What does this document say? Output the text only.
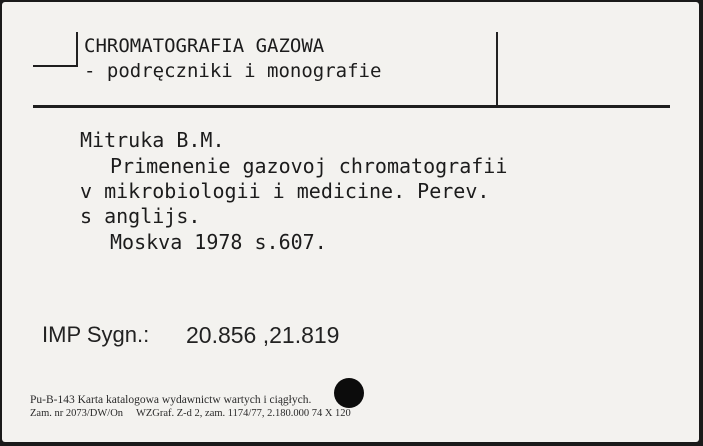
CHROMATOGRAFIA GAZOWA
- podręczniki i monografie
Mitruka B.M.
Primenenie gazovoj chromatografii
v mikrobiologii i medicine. Perev.
s anglijs.
Moskva 1978 s.607.
IMP Sygn.: 20.856 ,21.819
Pu-B-143 Karta katalogowa wydawnictw wartych i ciągłych.
Zam. nr 2073/DW/On     WZGraf. Z-d 2, zam. 1174/77, 2.180.000 74 X 120
